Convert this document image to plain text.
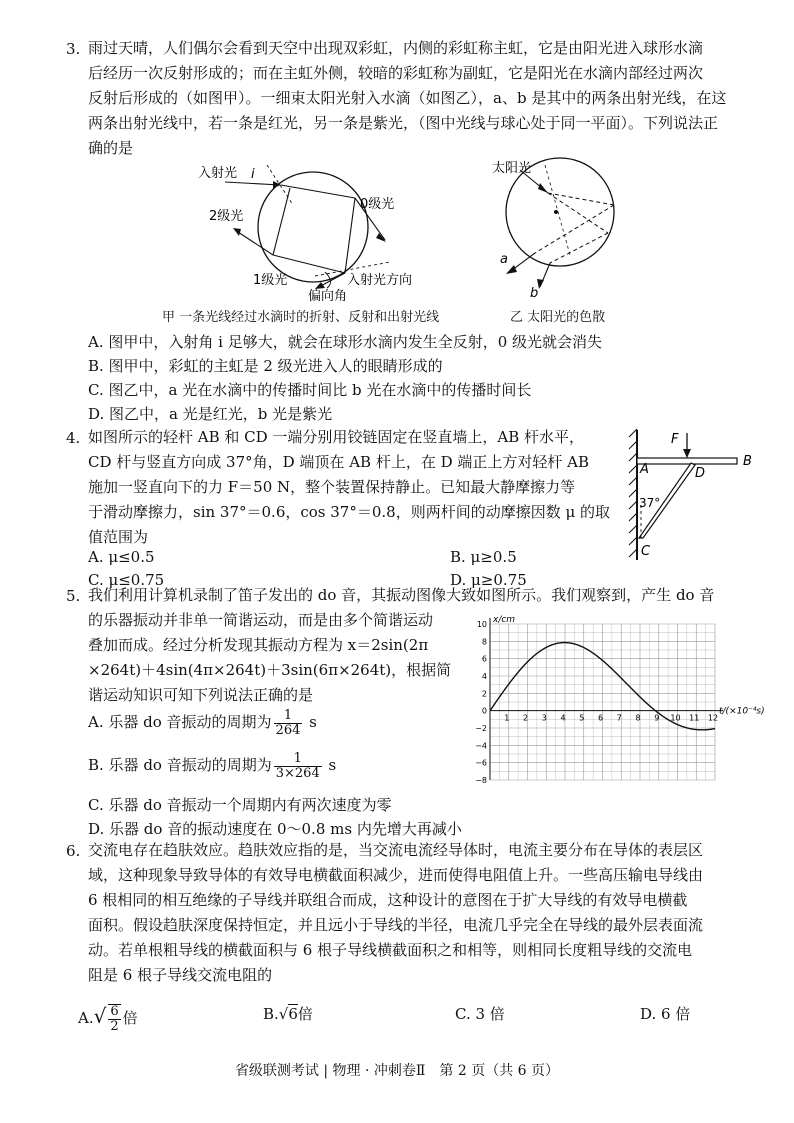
3. 雨过天晴，人们偶尔会看到天空中出现双彩虹，内侧的彩虹称主虹，它是由阳光进入球形水滴
后经历一次反射形成的；而在主虹外侧，较暗的彩虹称为副虹，它是阳光在水滴内部经过两次
反射后形成的（如图甲）。一细束太阳光射入水滴（如图乙），a、b 是其中的两条出射光线，在这
两条出射光线中，若一条是红光，另一条是紫光，（图中光线与球心处于同一平面）。下列说法正
确的是
入射光 i
0级光
2级光
1级光	入射光方向
偏向角
甲 一条光线经过水滴时的折射、反射和出射光线
太阳光
a
b
乙 太阳光的色散
A. 图甲中，入射角 i 足够大，就会在球形水滴内发生全反射，0 级光就会消失
B. 图甲中，彩虹的主虹是 2 级光进入人的眼睛形成的
C. 图乙中，a 光在水滴中的传播时间比 b 光在水滴中的传播时间长
D. 图乙中，a 光是红光，b 光是紫光
4. 如图所示的轻杆 AB 和 CD 一端分别用铰链固定在竖直墙上，AB 杆水平，
CD 杆与竖直方向成 37°角，D 端顶在 AB 杆上，在 D 端正上方对轻杆 AB
施加一竖直向下的力 F＝50 N，整个装置保持静止。已知最大静摩擦力等
于滑动摩擦力，sin 37°＝0.6，cos 37°＝0.8，则两杆间的动摩擦因数 μ 的取
值范围为
F
A
B
D
C
37°
A. μ≤0.5	B. μ≥0.5
C. μ≤0.75	D. μ≥0.75
5. 我们利用计算机录制了笛子发出的 do 音，其振动图像大致如图所示。我们观察到，产生 do 音
的乐器振动并非单一简谐运动，而是由多个简谐运动
叠加而成。经过分析发现其振动方程为 x＝2sin(2π
×264t)＋4sin(4π×264t)＋3sin(6π×264t)，根据简
谐运动知识可知下列说法正确的是
A. 乐器 do 音振动的周期为 $\frac{1}{264}$ s
B. 乐器 do 音振动的周期为 $\frac{1}{3\times 264}$ s
C. 乐器 do 音振动一个周期内有两次速度为零
D. 乐器 do 音的振动速度在 0～0.8 ms 内先增大再减小
10
8
6
4
2
0
−2
−4
−6
−8
1 2 3 4 5 6 7 8 9 10 11 12
x/cm
t/(×10⁻⁴s)
6. 交流电存在趋肤效应。趋肤效应指的是，当交流电流经导体时，电流主要分布在导体的表层区
域，这种现象导致导体的有效导电横截面积减少，进而使得电阻值上升。一些高压输电导线由
6 根相同的相互绝缘的子导线并联组合而成，这种设计的意图在于扩大导线的有效导电横截
面积。假设趋肤深度保持恒定，并且远小于导线的半径，电流几乎完全在导线的最外层表面流
动。若单根粗导线的横截面积与 6 根子导线横截面积之和相等，则相同长度粗导线的交流电
阻是 6 根子导线交流电阻的
$A.√ \frac{6}{2}$ 倍	B.√6倍	C. 3 倍	D. 6 倍
省级联测考试 | 物理 · 冲刺卷Ⅱ　第 2 页（共 6 页）
